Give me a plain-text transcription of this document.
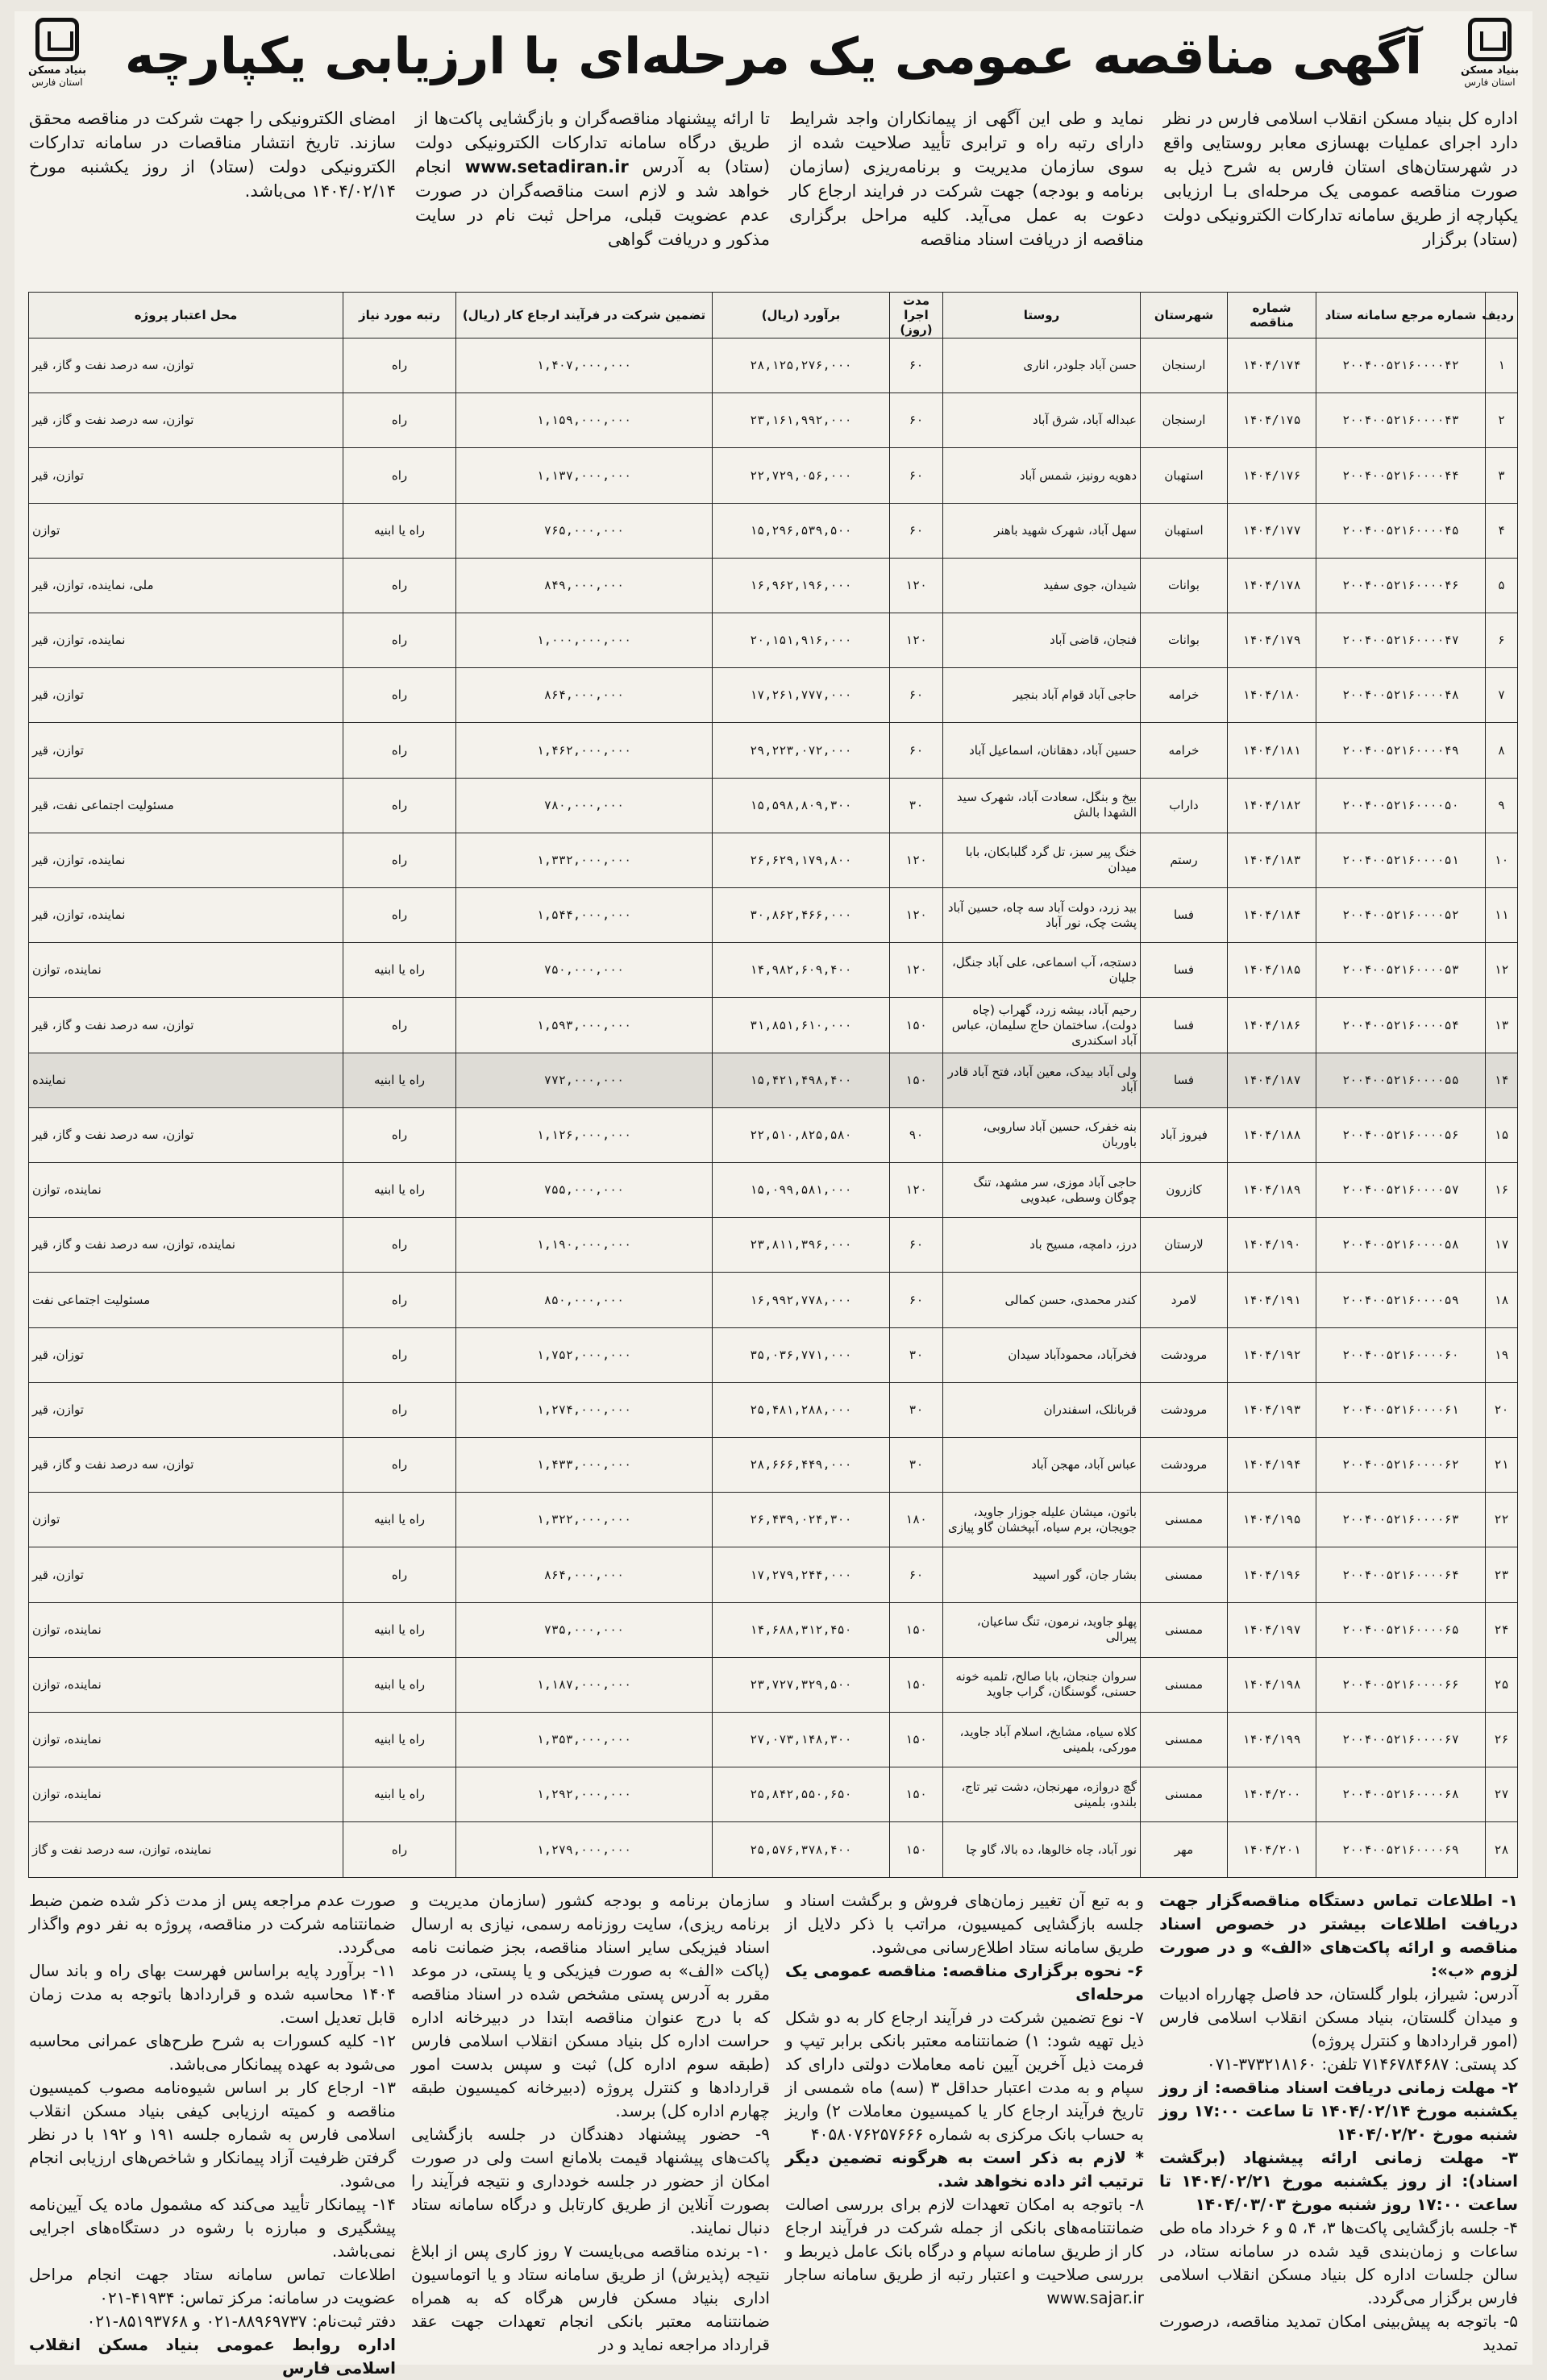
بنیاد مسکن
استان فارس
آگهی مناقصه عمومی یک مرحله‌ای با ارزیابی یکپارچه
بنیاد مسکن
استان فارس

اداره کل بنیاد مسکن انقلاب اسلامی فارس در نظر دارد اجرای عملیات بهسازی معابر روستایی واقع در شهرستان‌های استان فارس به شرح ذیل به صورت مناقصه عمومی یک مرحله‌ای بـا ارزیابی یکپارچه از طریق سامانه تدارکات الکترونیکی دولت (ستاد) برگزار

نماید و طی این آگهی از پیمانکاران واجد شرایط دارای رتبه راه و ترابری تأیید صلاحیت شده از سوی سازمان مدیریت و برنامه‌ریزی (سازمان برنامه و بودجه) جهت شرکت در فرایند ارجاع کار دعوت به عمل می‌آید. کلیه مراحل برگزاری مناقصه از دریافت اسناد مناقصه

تا ارائه پیشنهاد مناقصه‌گران و بازگشایی پاکت‌ها از طریق درگاه سامانه تدارکات الکترونیکی دولت (ستاد) به آدرس www.setadiran.ir انجام خواهد شد و لازم است مناقصه‌گران در صورت عدم عضویت قبلی، مراحل ثبت نام در سایت مذکور و دریافت گواهی

امضای الکترونیکی را جهت شرکت در مناقصه محقق سازند. تاریخ انتشار مناقصات در سامانه تدارکات الکترونیکی دولت (ستاد) از روز یکشنبه مورخ ۱۴۰۴/۰۲/۱۴ می‌باشد.

ردیف	شماره مرجع سامانه ستاد	شماره مناقصه	شهرستان	روستا	مدت اجرا (روز)	برآورد (ریال)	تضمین شرکت در فرآیند ارجاع کار (ریال)	رتبه مورد نیاز	محل اعتبار پروژه
۱	۲۰۰۴۰۰۵۲۱۶۰۰۰۰۴۲	۱۴۰۴/۱۷۴	ارسنجان	حسن آباد جلودر، اناری	۶۰	۲۸,۱۲۵,۲۷۶,۰۰۰	۱,۴۰۷,۰۰۰,۰۰۰	راه	توازن، سه درصد نفت و گاز، قیر
۲	۲۰۰۴۰۰۵۲۱۶۰۰۰۰۴۳	۱۴۰۴/۱۷۵	ارسنجان	عبداله آباد، شرق آباد	۶۰	۲۳,۱۶۱,۹۹۲,۰۰۰	۱,۱۵۹,۰۰۰,۰۰۰	راه	توازن، سه درصد نفت و گاز، قیر
۳	۲۰۰۴۰۰۵۲۱۶۰۰۰۰۴۴	۱۴۰۴/۱۷۶	استهبان	دهویه رونیز، شمس آباد	۶۰	۲۲,۷۲۹,۰۵۶,۰۰۰	۱,۱۳۷,۰۰۰,۰۰۰	راه	توازن، قیر
۴	۲۰۰۴۰۰۵۲۱۶۰۰۰۰۴۵	۱۴۰۴/۱۷۷	استهبان	سهل آباد، شهرک شهید باهنر	۶۰	۱۵,۲۹۶,۵۳۹,۵۰۰	۷۶۵,۰۰۰,۰۰۰	راه یا ابنیه	توازن
۵	۲۰۰۴۰۰۵۲۱۶۰۰۰۰۴۶	۱۴۰۴/۱۷۸	بوانات	شیدان، جوی سفید	۱۲۰	۱۶,۹۶۲,۱۹۶,۰۰۰	۸۴۹,۰۰۰,۰۰۰	راه	ملی، نماینده، توازن، قیر
۶	۲۰۰۴۰۰۵۲۱۶۰۰۰۰۴۷	۱۴۰۴/۱۷۹	بوانات	فنجان، قاضی آباد	۱۲۰	۲۰,۱۵۱,۹۱۶,۰۰۰	۱,۰۰۰,۰۰۰,۰۰۰	راه	نماینده، توازن، قیر
۷	۲۰۰۴۰۰۵۲۱۶۰۰۰۰۴۸	۱۴۰۴/۱۸۰	خرامه	حاجی آباد قوام آباد بنجیر	۶۰	۱۷,۲۶۱,۷۷۷,۰۰۰	۸۶۴,۰۰۰,۰۰۰	راه	توازن، قیر
۸	۲۰۰۴۰۰۵۲۱۶۰۰۰۰۴۹	۱۴۰۴/۱۸۱	خرامه	حسین آباد، دهقانان، اسماعیل آباد	۶۰	۲۹,۲۲۳,۰۷۲,۰۰۰	۱,۴۶۲,۰۰۰,۰۰۰	راه	توازن، قیر
۹	۲۰۰۴۰۰۵۲۱۶۰۰۰۰۵۰	۱۴۰۴/۱۸۲	داراب	بیخ و بنگل، سعادت آباد، شهرک سید الشهدا بالش	۳۰	۱۵,۵۹۸,۸۰۹,۳۰۰	۷۸۰,۰۰۰,۰۰۰	راه	مسئولیت اجتماعی نفت، قیر
۱۰	۲۰۰۴۰۰۵۲۱۶۰۰۰۰۵۱	۱۴۰۴/۱۸۳	رستم	خنگ پیر سبز، تل گرد گلبابکان، بابا میدان	۱۲۰	۲۶,۶۲۹,۱۷۹,۸۰۰	۱,۳۳۲,۰۰۰,۰۰۰	راه	نماینده، توازن، قیر
۱۱	۲۰۰۴۰۰۵۲۱۶۰۰۰۰۵۲	۱۴۰۴/۱۸۴	فسا	بید زرد، دولت آباد سه چاه، حسین آباد پشت چک، نور آباد	۱۲۰	۳۰,۸۶۲,۴۶۶,۰۰۰	۱,۵۴۴,۰۰۰,۰۰۰	راه	نماینده، توازن، قیر
۱۲	۲۰۰۴۰۰۵۲۱۶۰۰۰۰۵۳	۱۴۰۴/۱۸۵	فسا	دستجه، آب اسماعی، علی آباد جنگل، جلیان	۱۲۰	۱۴,۹۸۲,۶۰۹,۴۰۰	۷۵۰,۰۰۰,۰۰۰	راه یا ابنیه	نماینده، توازن
۱۳	۲۰۰۴۰۰۵۲۱۶۰۰۰۰۵۴	۱۴۰۴/۱۸۶	فسا	رحیم آباد، بیشه زرد، گهراب (چاه دولت)، ساختمان حاج سلیمان، عباس آباد اسکندری	۱۵۰	۳۱,۸۵۱,۶۱۰,۰۰۰	۱,۵۹۳,۰۰۰,۰۰۰	راه	توازن، سه درصد نفت و گاز، قیر
۱۴	۲۰۰۴۰۰۵۲۱۶۰۰۰۰۵۵	۱۴۰۴/۱۸۷	فسا	ولی آباد بیدک، معین آباد، فتح آباد قادر آباد	۱۵۰	۱۵,۴۲۱,۴۹۸,۴۰۰	۷۷۲,۰۰۰,۰۰۰	راه یا ابنیه	نماینده
۱۵	۲۰۰۴۰۰۵۲۱۶۰۰۰۰۵۶	۱۴۰۴/۱۸۸	فیروز آباد	بنه خفرک، حسین آباد ساروبی، باوربان	۹۰	۲۲,۵۱۰,۸۲۵,۵۸۰	۱,۱۲۶,۰۰۰,۰۰۰	راه	توازن، سه درصد نفت و گاز، قیر
۱۶	۲۰۰۴۰۰۵۲۱۶۰۰۰۰۵۷	۱۴۰۴/۱۸۹	کازرون	حاجی آباد موزی، سر مشهد، تنگ چوگان وسطی، عبدویی	۱۲۰	۱۵,۰۹۹,۵۸۱,۰۰۰	۷۵۵,۰۰۰,۰۰۰	راه یا ابنیه	نماینده، توازن
۱۷	۲۰۰۴۰۰۵۲۱۶۰۰۰۰۵۸	۱۴۰۴/۱۹۰	لارستان	درز، دامچه، مسیح باد	۶۰	۲۳,۸۱۱,۳۹۶,۰۰۰	۱,۱۹۰,۰۰۰,۰۰۰	راه	نماینده، توازن، سه درصد نفت و گاز، قیر
۱۸	۲۰۰۴۰۰۵۲۱۶۰۰۰۰۵۹	۱۴۰۴/۱۹۱	لامرد	کندر محمدی، حسن کمالی	۶۰	۱۶,۹۹۲,۷۷۸,۰۰۰	۸۵۰,۰۰۰,۰۰۰	راه	مسئولیت اجتماعی نفت
۱۹	۲۰۰۴۰۰۵۲۱۶۰۰۰۰۶۰	۱۴۰۴/۱۹۲	مرودشت	فخرآباد، محمودآباد سیدان	۳۰	۳۵,۰۳۶,۷۷۱,۰۰۰	۱,۷۵۲,۰۰۰,۰۰۰	راه	توزان، قیر
۲۰	۲۰۰۴۰۰۵۲۱۶۰۰۰۰۶۱	۱۴۰۴/۱۹۳	مرودشت	قربانلک، اسفندران	۳۰	۲۵,۴۸۱,۲۸۸,۰۰۰	۱,۲۷۴,۰۰۰,۰۰۰	راه	توازن، قیر
۲۱	۲۰۰۴۰۰۵۲۱۶۰۰۰۰۶۲	۱۴۰۴/۱۹۴	مرودشت	عباس آباد، مهجن آباد	۳۰	۲۸,۶۶۶,۴۴۹,۰۰۰	۱,۴۳۳,۰۰۰,۰۰۰	راه	توازن، سه درصد نفت و گاز، قیر
۲۲	۲۰۰۴۰۰۵۲۱۶۰۰۰۰۶۳	۱۴۰۴/۱۹۵	ممسنی	باتون، میشان علیله جوزار جاوید، جویجان، برم سیاه، آبپخشان گاو پیازی	۱۸۰	۲۶,۴۳۹,۰۲۴,۳۰۰	۱,۳۲۲,۰۰۰,۰۰۰	راه یا ابنیه	توازن
۲۳	۲۰۰۴۰۰۵۲۱۶۰۰۰۰۶۴	۱۴۰۴/۱۹۶	ممسنی	بشار جان، گور اسپید	۶۰	۱۷,۲۷۹,۲۴۴,۰۰۰	۸۶۴,۰۰۰,۰۰۰	راه	توازن، قیر
۲۴	۲۰۰۴۰۰۵۲۱۶۰۰۰۰۶۵	۱۴۰۴/۱۹۷	ممسنی	پهلو جاوید، نرمون، تنگ ساعیان، پیرالی	۱۵۰	۱۴,۶۸۸,۳۱۲,۴۵۰	۷۳۵,۰۰۰,۰۰۰	راه یا ابنیه	نماینده، توازن
۲۵	۲۰۰۴۰۰۵۲۱۶۰۰۰۰۶۶	۱۴۰۴/۱۹۸	ممسنی	سروان جنجان، بابا صالح، تلمبه خونه حسنی، گوسنگان، گراب جاوید	۱۵۰	۲۳,۷۲۷,۳۲۹,۵۰۰	۱,۱۸۷,۰۰۰,۰۰۰	راه یا ابنیه	نماینده، توازن
۲۶	۲۰۰۴۰۰۵۲۱۶۰۰۰۰۶۷	۱۴۰۴/۱۹۹	ممسنی	کلاه سیاه، مشایخ، اسلام آباد جاوید، مورکی، بلمینی	۱۵۰	۲۷,۰۷۳,۱۴۸,۳۰۰	۱,۳۵۳,۰۰۰,۰۰۰	راه یا ابنیه	نماینده، توازن
۲۷	۲۰۰۴۰۰۵۲۱۶۰۰۰۰۶۸	۱۴۰۴/۲۰۰	ممسنی	گچ دروازه، مهرنجان، دشت تیر تاج، بلندو، بلمینی	۱۵۰	۲۵,۸۴۲,۵۵۰,۶۵۰	۱,۲۹۲,۰۰۰,۰۰۰	راه یا ابنیه	نماینده، توازن
۲۸	۲۰۰۴۰۰۵۲۱۶۰۰۰۰۶۹	۱۴۰۴/۲۰۱	مهر	نور آباد، چاه خالوها، ده بالا، گاو چا	۱۵۰	۲۵,۵۷۶,۳۷۸,۴۰۰	۱,۲۷۹,۰۰۰,۰۰۰	راه	نماینده، توازن، سه درصد نفت و گاز

۱- اطلاعات تماس دستگاه مناقصه‌گزار جهت دریافت اطلاعات بیشتر در خصوص اسناد مناقصه و ارائه پاکت‌های «الف» و در صورت لزوم «ب»:

آدرس: شیراز، بلوار گلستان، حد فاصل چهارراه ادبیات و میدان گلستان، بنیاد مسکن انقلاب اسلامی فارس (امور قراردادها و کنترل پروژه)

کد پستی: ۷۱۴۶۷۸۴۶۸۷ تلفن: ۳۷۳۲۱۸۱۶۰-۰۷۱

۲- مهلت زمانی دریافت اسناد مناقصه: از روز یکشنبه مورخ ۱۴۰۴/۰۲/۱۴ تا ساعت ۱۷:۰۰ روز شنبه مورخ ۱۴۰۴/۰۲/۲۰

۳- مهلت زمانی ارائه پیشنهاد (برگشت اسناد): از روز یکشنبه مورخ ۱۴۰۴/۰۲/۲۱ تا ساعت ۱۷:۰۰ روز شنبه مورخ ۱۴۰۴/۰۳/۰۳

۴- جلسه بازگشایی پاکت‌ها ۳، ۴، ۵ و ۶ خرداد ماه طی ساعات و زمان‌بندی قید شده در سامانه ستاد، در سالن جلسات اداره کل بنیاد مسکن انقلاب اسلامی فارس برگزار می‌گردد.

۵- باتوجه به پیش‌بینی امکان تمدید مناقصه، درصورت تمدید

و به تبع آن تغییر زمان‌های فروش و برگشت اسناد و جلسه بازگشایی کمیسیون، مراتب با ذکر دلایل از طریق سامانه ستاد اطلاع‌رسانی می‌شود.

۶- نحوه برگزاری مناقصه: مناقصه عمومی یک مرحله‌ای

۷- نوع تضمین شرکت در فرآیند ارجاع کار به دو شکل ذیل تهیه شود: ۱) ضمانتنامه معتبر بانکی برابر تیپ و فرمت ذیل آخرین آیین نامه معاملات دولتی دارای کد سپام و به مدت اعتبار حداقل ۳ (سه) ماه شمسی از تاریخ فرآیند ارجاع کار یا کمیسیون معاملات ۲) واریز به حساب بانک مرکزی به شماره ۴۰۵۸۰۷۶۲۵۷۶۶۶

* لازم به ذکر است به هرگونه تضمین دیگر ترتیب اثر داده نخواهد شد.

۸- باتوجه به امکان تعهدات لازم برای بررسی اصالت ضمانتنامه‌های بانکی از جمله شرکت در فرآیند ارجاع کار از طریق سامانه سپام و درگاه بانک عامل ذیربط و بررسی صلاحیت و اعتبار رتبه از طریق سامانه ساجار www.sajar.ir

سازمان برنامه و بودجه کشور (سازمان مدیریت و برنامه ریزی)، سایت روزنامه رسمی، نیازی به ارسال اسناد فیزیکی سایر اسناد مناقصه، بجز ضمانت نامه (پاکت «الف» به صورت فیزیکی و یا پستی، در موعد مقرر به آدرس پستی مشخص شده در اسناد مناقصه که با درج عنوان مناقصه ابتدا در دبیرخانه اداره حراست اداره کل بنیاد مسکن انقلاب اسلامی فارس (طبقه سوم اداره کل) ثبت و سپس بدست امور قراردادها و کنترل پروژه (دبیرخانه کمیسیون طبقه چهارم اداره کل) برسد.

۹- حضور پیشنهاد دهندگان در جلسه بازگشایی پاکت‌های پیشنهاد قیمت بلامانع است ولی در صورت امکان از حضور در جلسه خودداری و نتیجه فرآیند را بصورت آنلاین از طریق کارتابل و درگاه سامانه ستاد دنبال نمایند.

۱۰- برنده مناقصه می‌بایست ۷ روز کاری پس از ابلاغ نتیجه (پذیرش) از طریق سامانه ستاد و یا اتوماسیون اداری بنیاد مسکن فارس هرگاه که به همراه ضمانتنامه معتبر بانکی انجام تعهدات جهت عقد قرارداد مراجعه نماید و در

صورت عدم مراجعه پس از مدت ذکر شده ضمن ضبط ضمانتنامه شرکت در مناقصه، پروژه به نفر دوم واگذار می‌گردد.

۱۱- برآورد پایه براساس فهرست بهای راه و باند سال ۱۴۰۴ محاسبه شده و قراردادها باتوجه به مدت زمان قابل تعدیل است.

۱۲- کلیه کسورات به شرح طرح‌های عمرانی محاسبه می‌شود به عهده پیمانکار می‌باشد.

۱۳- ارجاع کار بر اساس شیوه‌نامه مصوب کمیسیون مناقصه و کمیته ارزیابی کیفی بنیاد مسکن انقلاب اسلامی فارس به شماره جلسه ۱۹۱ و ۱۹۲ با در نظر گرفتن ظرفیت آزاد پیمانکار و شاخص‌های ارزیابی انجام می‌شود.

۱۴- پیمانکار تأیید می‌کند که مشمول ماده یک آیین‌نامه پیشگیری و مبارزه با رشوه در دستگاه‌های اجرایی نمی‌باشد.

اطلاعات تماس سامانه ستاد جهت انجام مراحل عضویت در سامانه: مرکز تماس: ۴۱۹۳۴-۰۲۱

دفتر ثبت‌نام: ۸۸۹۶۹۷۳۷-۰۲۱ و ۸۵۱۹۳۷۶۸-۰۲۱

اداره روابط عمومی بنیاد مسکن انقلاب اسلامی فارس
